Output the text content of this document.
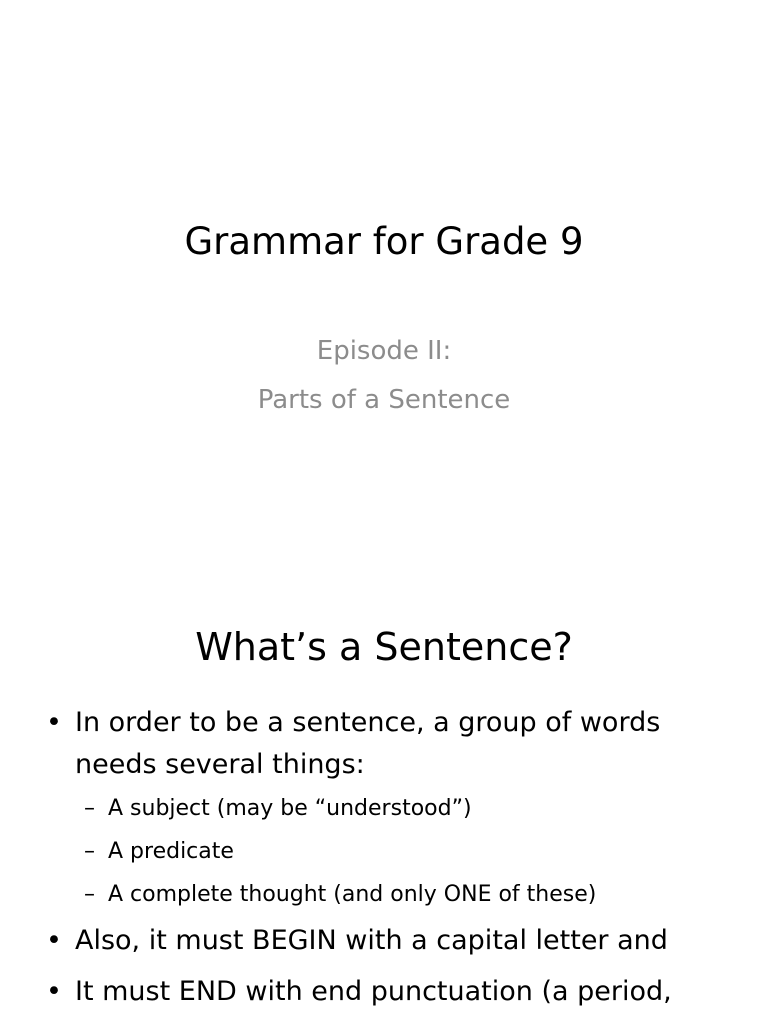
Grammar for Grade 9
Episode II:
Parts of a Sentence
What’s a Sentence?
• In order to be a sentence, a group of words
needs several things:
– A subject (may be “understood”)
– A predicate
– A complete thought (and only ONE of these)
• Also, it must BEGIN with a capital letter and
• It must END with end punctuation (a period,
